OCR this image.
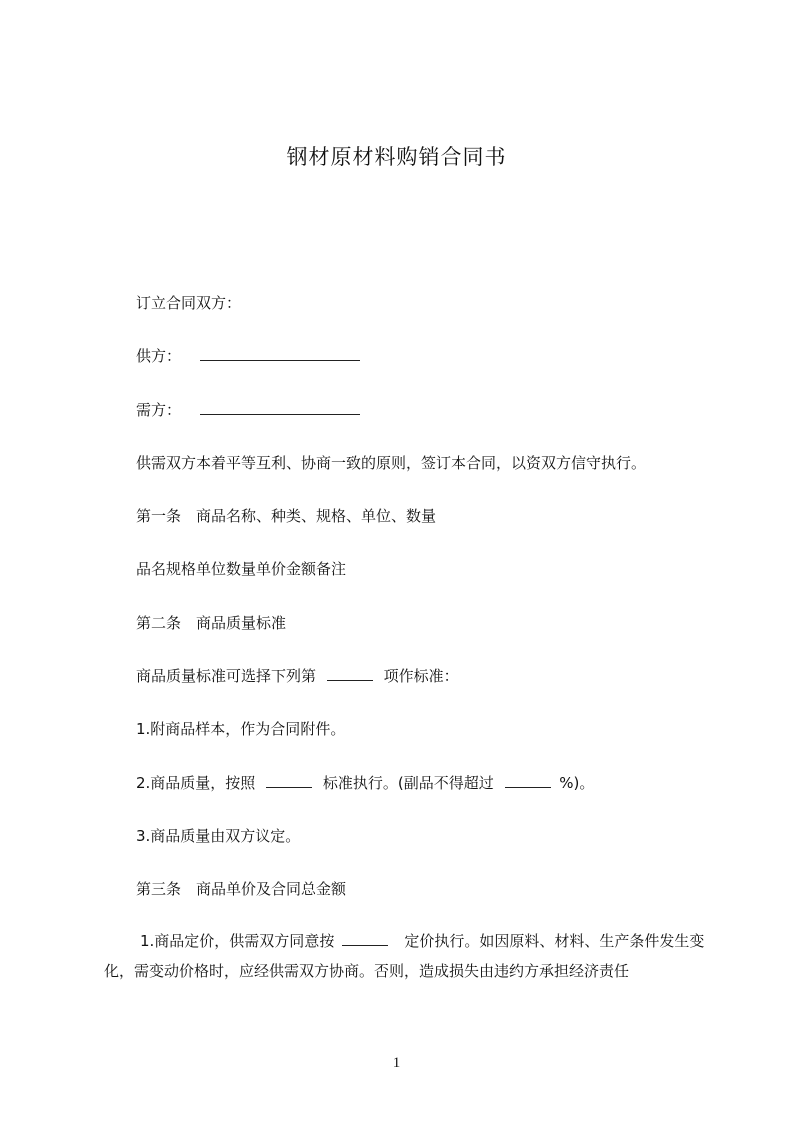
钢材原材料购销合同书
订立合同双方：
供方：
需方：
供需双方本着平等互利、协商一致的原则，签订本合同，以资双方信守执行。
第一条　商品名称、种类、规格、单位、数量
品名规格单位数量单价金额备注
第二条　商品质量标准
商品质量标准可选择下列第	项作标准：
1.附商品样本，作为合同附件。
2.商品质量，按照	标准执行。(副品不得超过	%)。
3.商品质量由双方议定。
第三条　商品单价及合同总金额
1.商品定价，供需双方同意按	定价执行。如因原料、材料、生产条件发生变化，需变动价格时，应经供需双方协商。否则，造成损失由违约方承担经济责任
1
